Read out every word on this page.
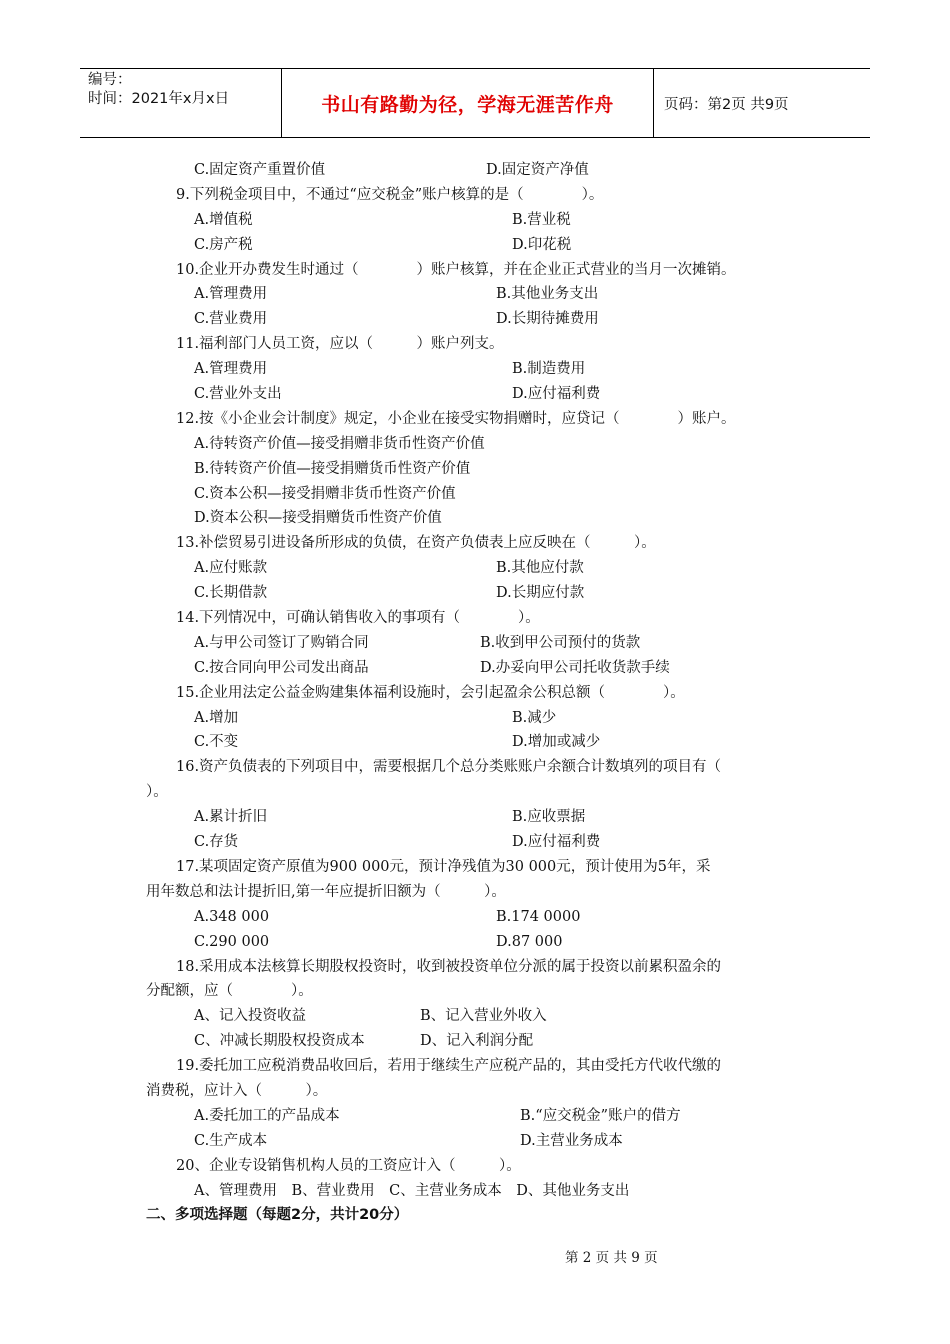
编号：
时间：2021年x月x日	书山有路勤为径，学海无涯苦作舟	页码：第2页 共9页
C.固定资产重置价值	D.固定资产净值
9.下列税金项目中，不通过“应交税金”账户核算的是（　　　　）。
A.增值税	B.营业税
C.房产税	D.印花税
10.企业开办费发生时通过（　　　　）账户核算，并在企业正式营业的当月一次摊销。
A.管理费用	B.其他业务支出
C.营业费用	D.长期待摊费用
11.福利部门人员工资，应以（　　　）账户列支。
A.管理费用	B.制造费用
C.营业外支出	D.应付福利费
12.按《小企业会计制度》规定，小企业在接受实物捐赠时，应贷记（　　　　）账户。
A.待转资产价值—接受捐赠非货币性资产价值
B.待转资产价值—接受捐赠货币性资产价值
C.资本公积—接受捐赠非货币性资产价值
D.资本公积—接受捐赠货币性资产价值
13.补偿贸易引进设备所形成的负债，在资产负债表上应反映在（　　　）。
A.应付账款	B.其他应付款
C.长期借款	D.长期应付款
14.下列情况中，可确认销售收入的事项有（　　　　）。
A.与甲公司签订了购销合同	B.收到甲公司预付的货款
C.按合同向甲公司发出商品	D.办妥向甲公司托收货款手续
15.企业用法定公益金购建集体福利设施时，会引起盈余公积总额（　　　　）。
A.增加	B.减少
C.不变	D.增加或减少
16.资产负债表的下列项目中，需要根据几个总分类账账户余额合计数填列的项目有（
）。
A.累计折旧	B.应收票据
C.存货	D.应付福利费
17.某项固定资产原值为900 000元，预计净残值为30 000元，预计使用为5年，采
用年数总和法计提折旧,第一年应提折旧额为（　　　）。
A.348 000	B.174 0000
C.290 000	D.87 000
18.采用成本法核算长期股权投资时，收到被投资单位分派的属于投资以前累积盈余的
分配额，应（　　　　）。
A、记入投资收益	B、记入营业外收入
C、冲减长期股权投资成本	D、记入利润分配
19.委托加工应税消费品收回后，若用于继续生产应税产品的，其由受托方代收代缴的
消费税，应计入（　　　）。
A.委托加工的产品成本	B.“应交税金”账户的借方
C.生产成本	D.主营业务成本
20、企业专设销售机构人员的工资应计入（　　　）。
A、管理费用　B、营业费用　C、主营业务成本　D、其他业务支出
二、多项选择题（每题2分，共计20分）
第 2 页 共 9 页
